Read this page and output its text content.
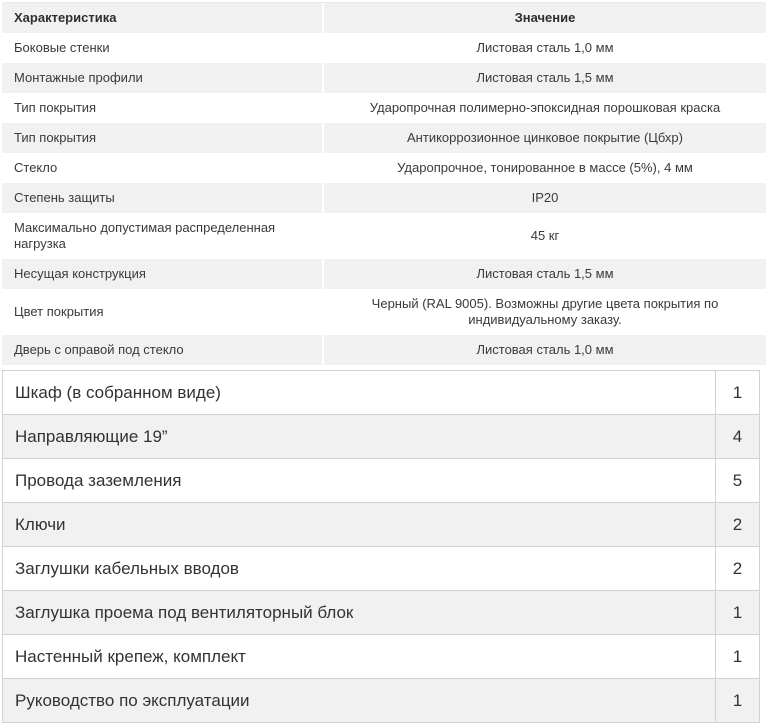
Характеристика	Значение
Боковые стенки	Листовая сталь 1,0 мм
Монтажные профили	Листовая сталь 1,5 мм
Тип покрытия	Ударопрочная полимерно-эпоксидная порошковая краска
Тип покрытия	Антикоррозионное цинковое покрытие (Цбхр)
Стекло	Ударопрочное, тонированное в массе (5%), 4 мм
Степень защиты	IP20
Максимально допустимая распределенная нагрузка	45 кг
Несущая конструкция	Листовая сталь 1,5 мм
Цвет покрытия	Черный (RAL 9005). Возможны другие цвета покрытия по индивидуальному заказу.
Дверь с оправой под стекло	Листовая сталь 1,0 мм
Шкаф (в собранном виде)	1
Направляющие 19”	4
Провода заземления	5
Ключи	2
Заглушки кабельных вводов	2
Заглушка проема под вентиляторный блок	1
Настенный крепеж, комплект	1
Руководство по эксплуатации	1
